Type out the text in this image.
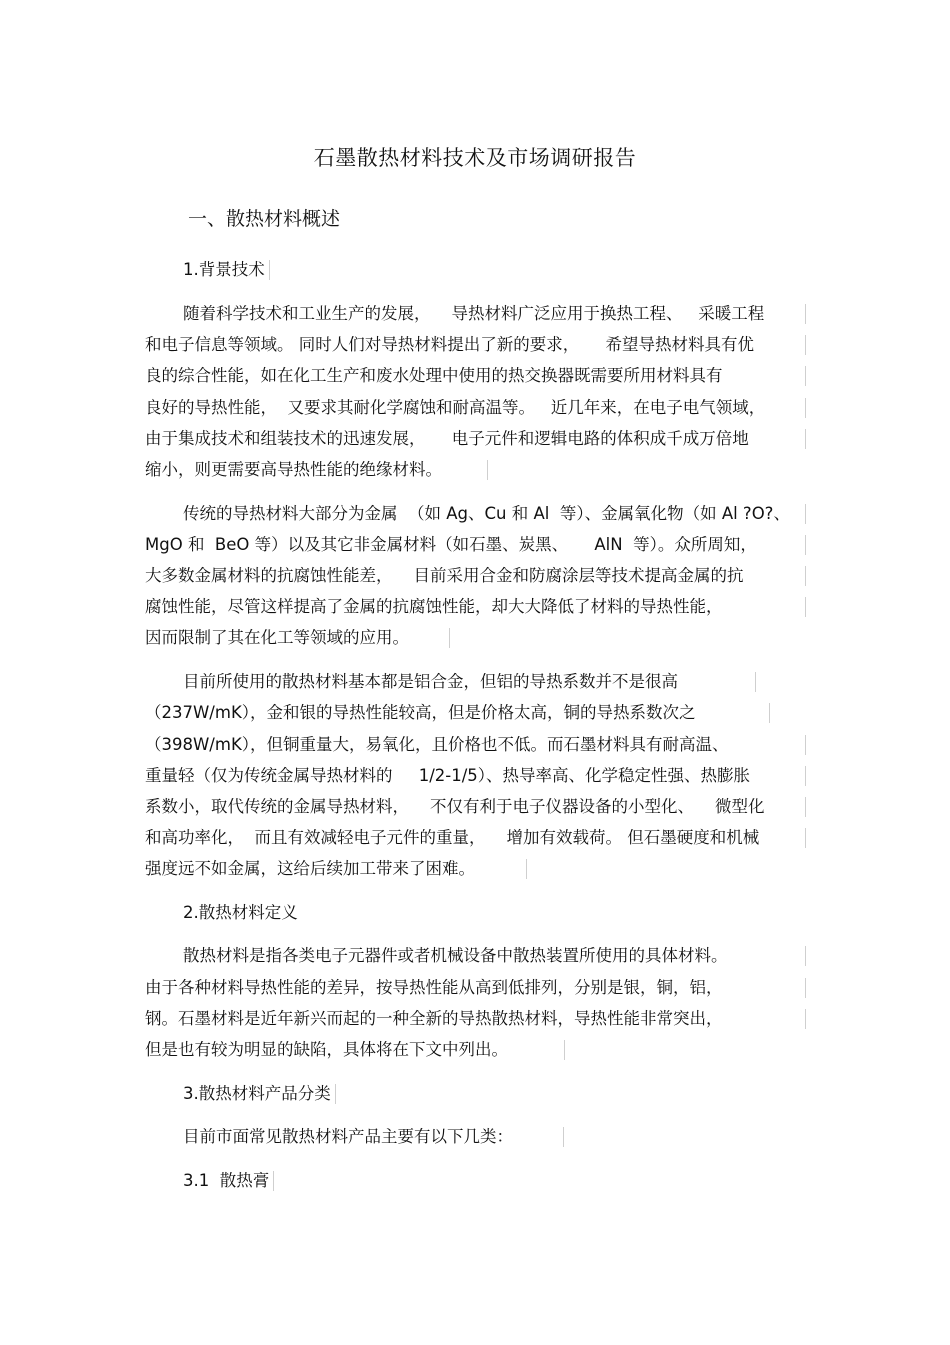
石墨散热材料技术及市场调研报告
一、散热材料概述
1.背景技术
随着科学技术和工业生产的发展，    导热材料广泛应用于换热工程、   采暖工程
和电子信息等领域。 同时人们对导热材料提出了新的要求，     希望导热材料具有优
良的综合性能，如在化工生产和废水处理中使用的热交换器既需要所用材料具有
良好的导热性能，  又要求其耐化学腐蚀和耐高温等。   近几年来，在电子电气领域，
由于集成技术和组装技术的迅速发展，     电子元件和逻辑电路的体积成千成万倍地
缩小，则更需要高导热性能的绝缘材料。
传统的导热材料大部分为金属  （如 Ag、Cu 和 Al  等）、金属氧化物（如 Al ?O?、
MgO 和  BeO 等）以及其它非金属材料（如石墨、炭黑、     AlN  等）。众所周知，
大多数金属材料的抗腐蚀性能差，    目前采用合金和防腐涂层等技术提高金属的抗
腐蚀性能，尽管这样提高了金属的抗腐蚀性能，却大大降低了材料的导热性能，
因而限制了其在化工等领域的应用。
目前所使用的散热材料基本都是铝合金，但铝的导热系数并不是很高
（237W/mK），金和银的导热性能较高，但是价格太高，铜的导热系数次之
（398W/mK），但铜重量大，易氧化，且价格也不低。而石墨材料具有耐高温、
重量轻（仅为传统金属导热材料的     1/2-1/5）、热导率高、化学稳定性强、热膨胀
系数小，取代传统的金属导热材料，    不仅有利于电子仪器设备的小型化、    微型化
和高功率化，  而且有效减轻电子元件的重量，    增加有效载荷。 但石墨硬度和机械
强度远不如金属，这给后续加工带来了困难。
2.散热材料定义
散热材料是指各类电子元器件或者机械设备中散热装置所使用的具体材料。
由于各种材料导热性能的差异，按导热性能从高到低排列，分别是银，铜，铝，
钢。石墨材料是近年新兴而起的一种全新的导热散热材料，导热性能非常突出，
但是也有较为明显的缺陷，具体将在下文中列出。
3.散热材料产品分类
目前市面常见散热材料产品主要有以下几类：
3.1  散热膏
